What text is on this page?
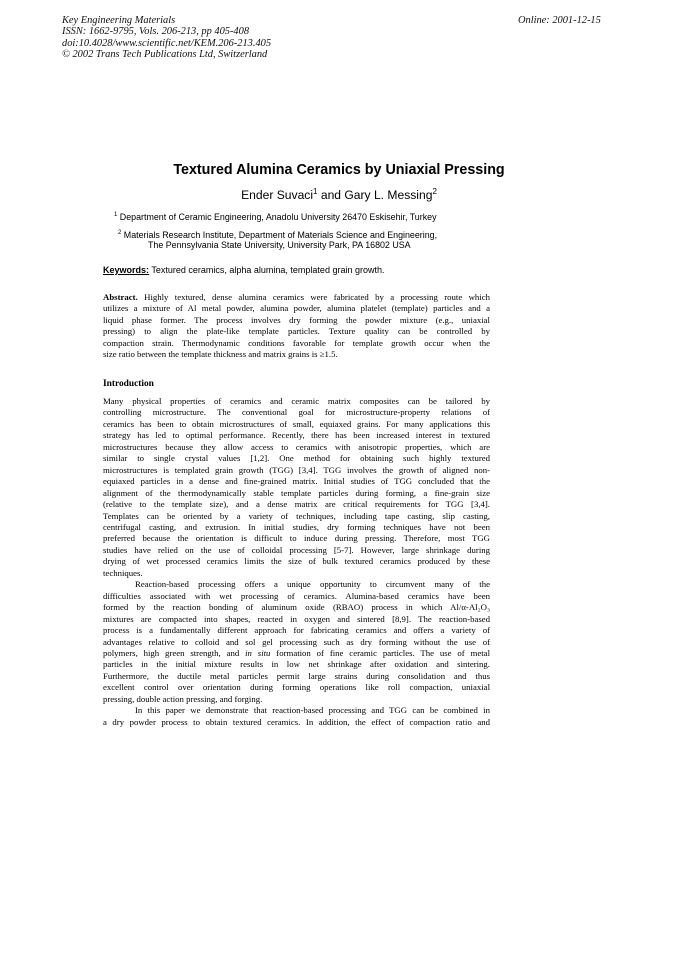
Key Engineering Materials
ISSN: 1662-9795, Vols. 206-213, pp 405-408
doi:10.4028/www.scientific.net/KEM.206-213.405
© 2002 Trans Tech Publications Ltd, Switzerland
Online: 2001-12-15
Textured Alumina Ceramics by Uniaxial Pressing
Ender Suvaci$^1$ and Gary L. Messing$^2$
$^1$ Department of Ceramic Engineering, Anadolu University 26470 Eskisehir, Turkey
$^2$ Materials Research Institute, Department of Materials Science and Engineering,
The Pennsylvania State University, University Park, PA 16802 USA
Keywords: Textured ceramics, alpha alumina, templated grain growth.
Abstract. Highly textured, dense alumina ceramics were fabricated by a processing route which
utilizes a mixture of Al metal powder, alumina powder, alumina platelet (template) particles and a
liquid phase former. The process involves dry forming the powder mixture (e.g., uniaxial
pressing) to align the plate-like template particles. Texture quality can be controlled by
compaction strain. Thermodynamic conditions favorable for template growth occur when the
size ratio between the template thickness and matrix grains is ≥1.5.
Introduction
Many physical properties of ceramics and ceramic matrix composites can be tailored by
controlling microstructure. The conventional goal for microstructure-property relations of
ceramics has been to obtain microstructures of small, equiaxed grains. For many applications this
strategy has led to optimal performance. Recently, there has been increased interest in textured
microstructures because they allow access to ceramics with anisotropic properties, which are
similar to single crystal values [1,2]. One method for obtaining such highly textured
microstructures is templated grain growth (TGG) [3,4]. TGG involves the growth of aligned non-
equiaxed particles in a dense and fine-grained matrix. Initial studies of TGG concluded that the
alignment of the thermodynamically stable template particles during forming, a fine-grain size
(relative to the template size), and a dense matrix are critical requirements for TGG [3,4].
Templates can be oriented by a variety of techniques, including tape casting, slip casting,
centrifugal casting, and extrusion. In initial studies, dry forming techniques have not been
preferred because the orientation is difficult to induce during pressing. Therefore, most TGG
studies have relied on the use of colloidal processing [5-7]. However, large shrinkage during
drying of wet processed ceramics limits the size of bulk textured ceramics produced by these
techniques.
Reaction-based processing offers a unique opportunity to circumvent many of the
difficulties associated with wet processing of ceramics. Alumina-based ceramics have been
formed by the reaction bonding of aluminum oxide (RBAO) process in which Al/α-Al₂O₃
mixtures are compacted into shapes, reacted in oxygen and sintered [8,9]. The reaction-based
process is a fundamentally different approach for fabricating ceramics and offers a variety of
advantages relative to colloid and sol gel processing such as dry forming without the use of
polymers, high green strength, and in situ formation of fine ceramic particles. The use of metal
particles in the initial mixture results in low net shrinkage after oxidation and sintering.
Furthermore, the ductile metal particles permit large strains during consolidation and thus
excellent control over orientation during forming operations like roll compaction, uniaxial
pressing, double action pressing, and forging.
In this paper we demonstrate that reaction-based processing and TGG can be combined in
a dry powder process to obtain textured ceramics. In addition, the effect of compaction ratio and
